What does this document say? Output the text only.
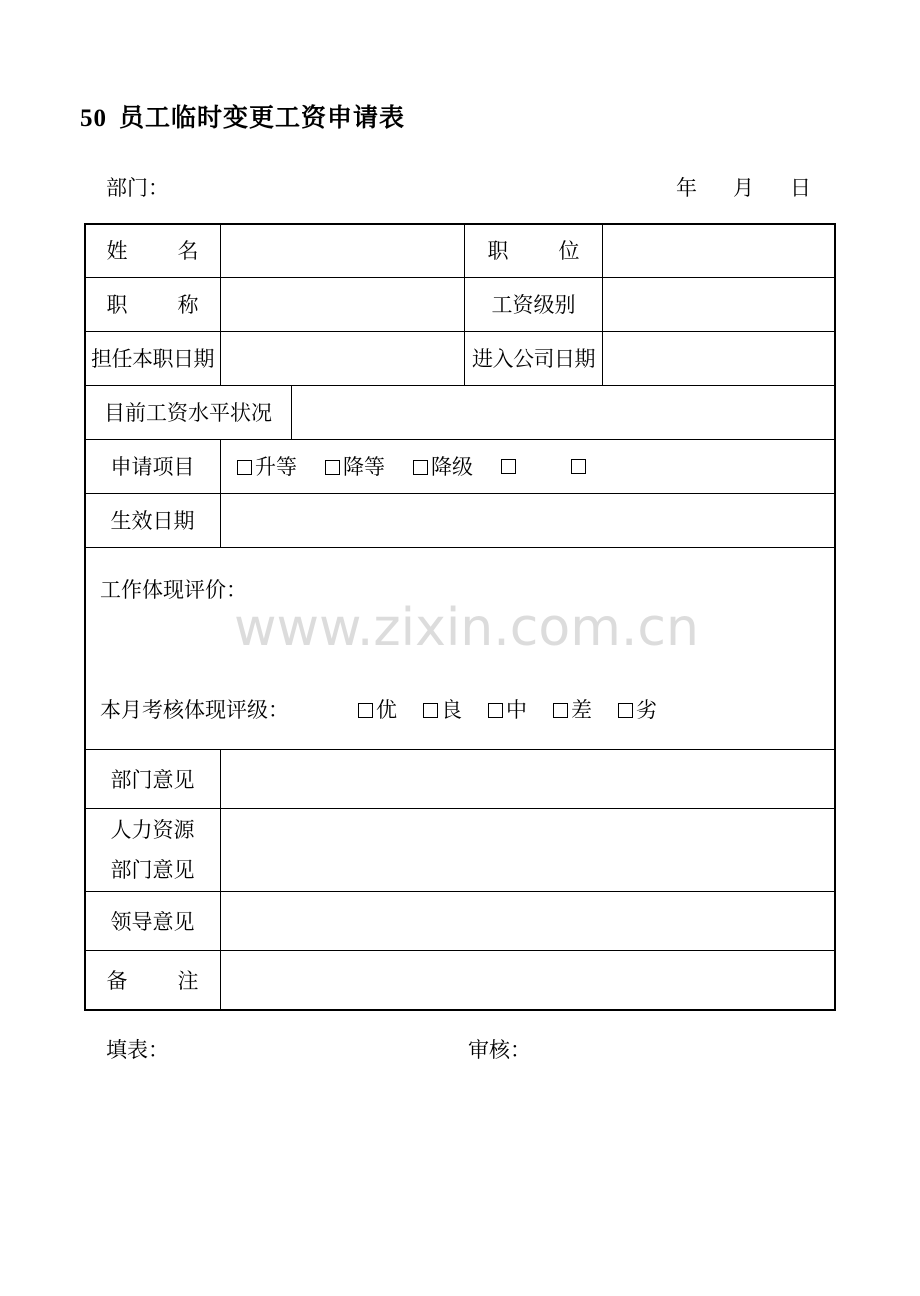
50 员工临时变更工资申请表
部门：	年 月 日
www.zixin.com.cn
姓 名	职 位
职 称	工资级别
担任本职日期	进入公司日期
目前工资水平状况
申请项目	升等	降等	降级
生效日期
工作体现评价：
本月考核体现评级：	优	良	中	差	劣
部门意见
人力资源
部门意见
领导意见
备 注
填表：	审核：
